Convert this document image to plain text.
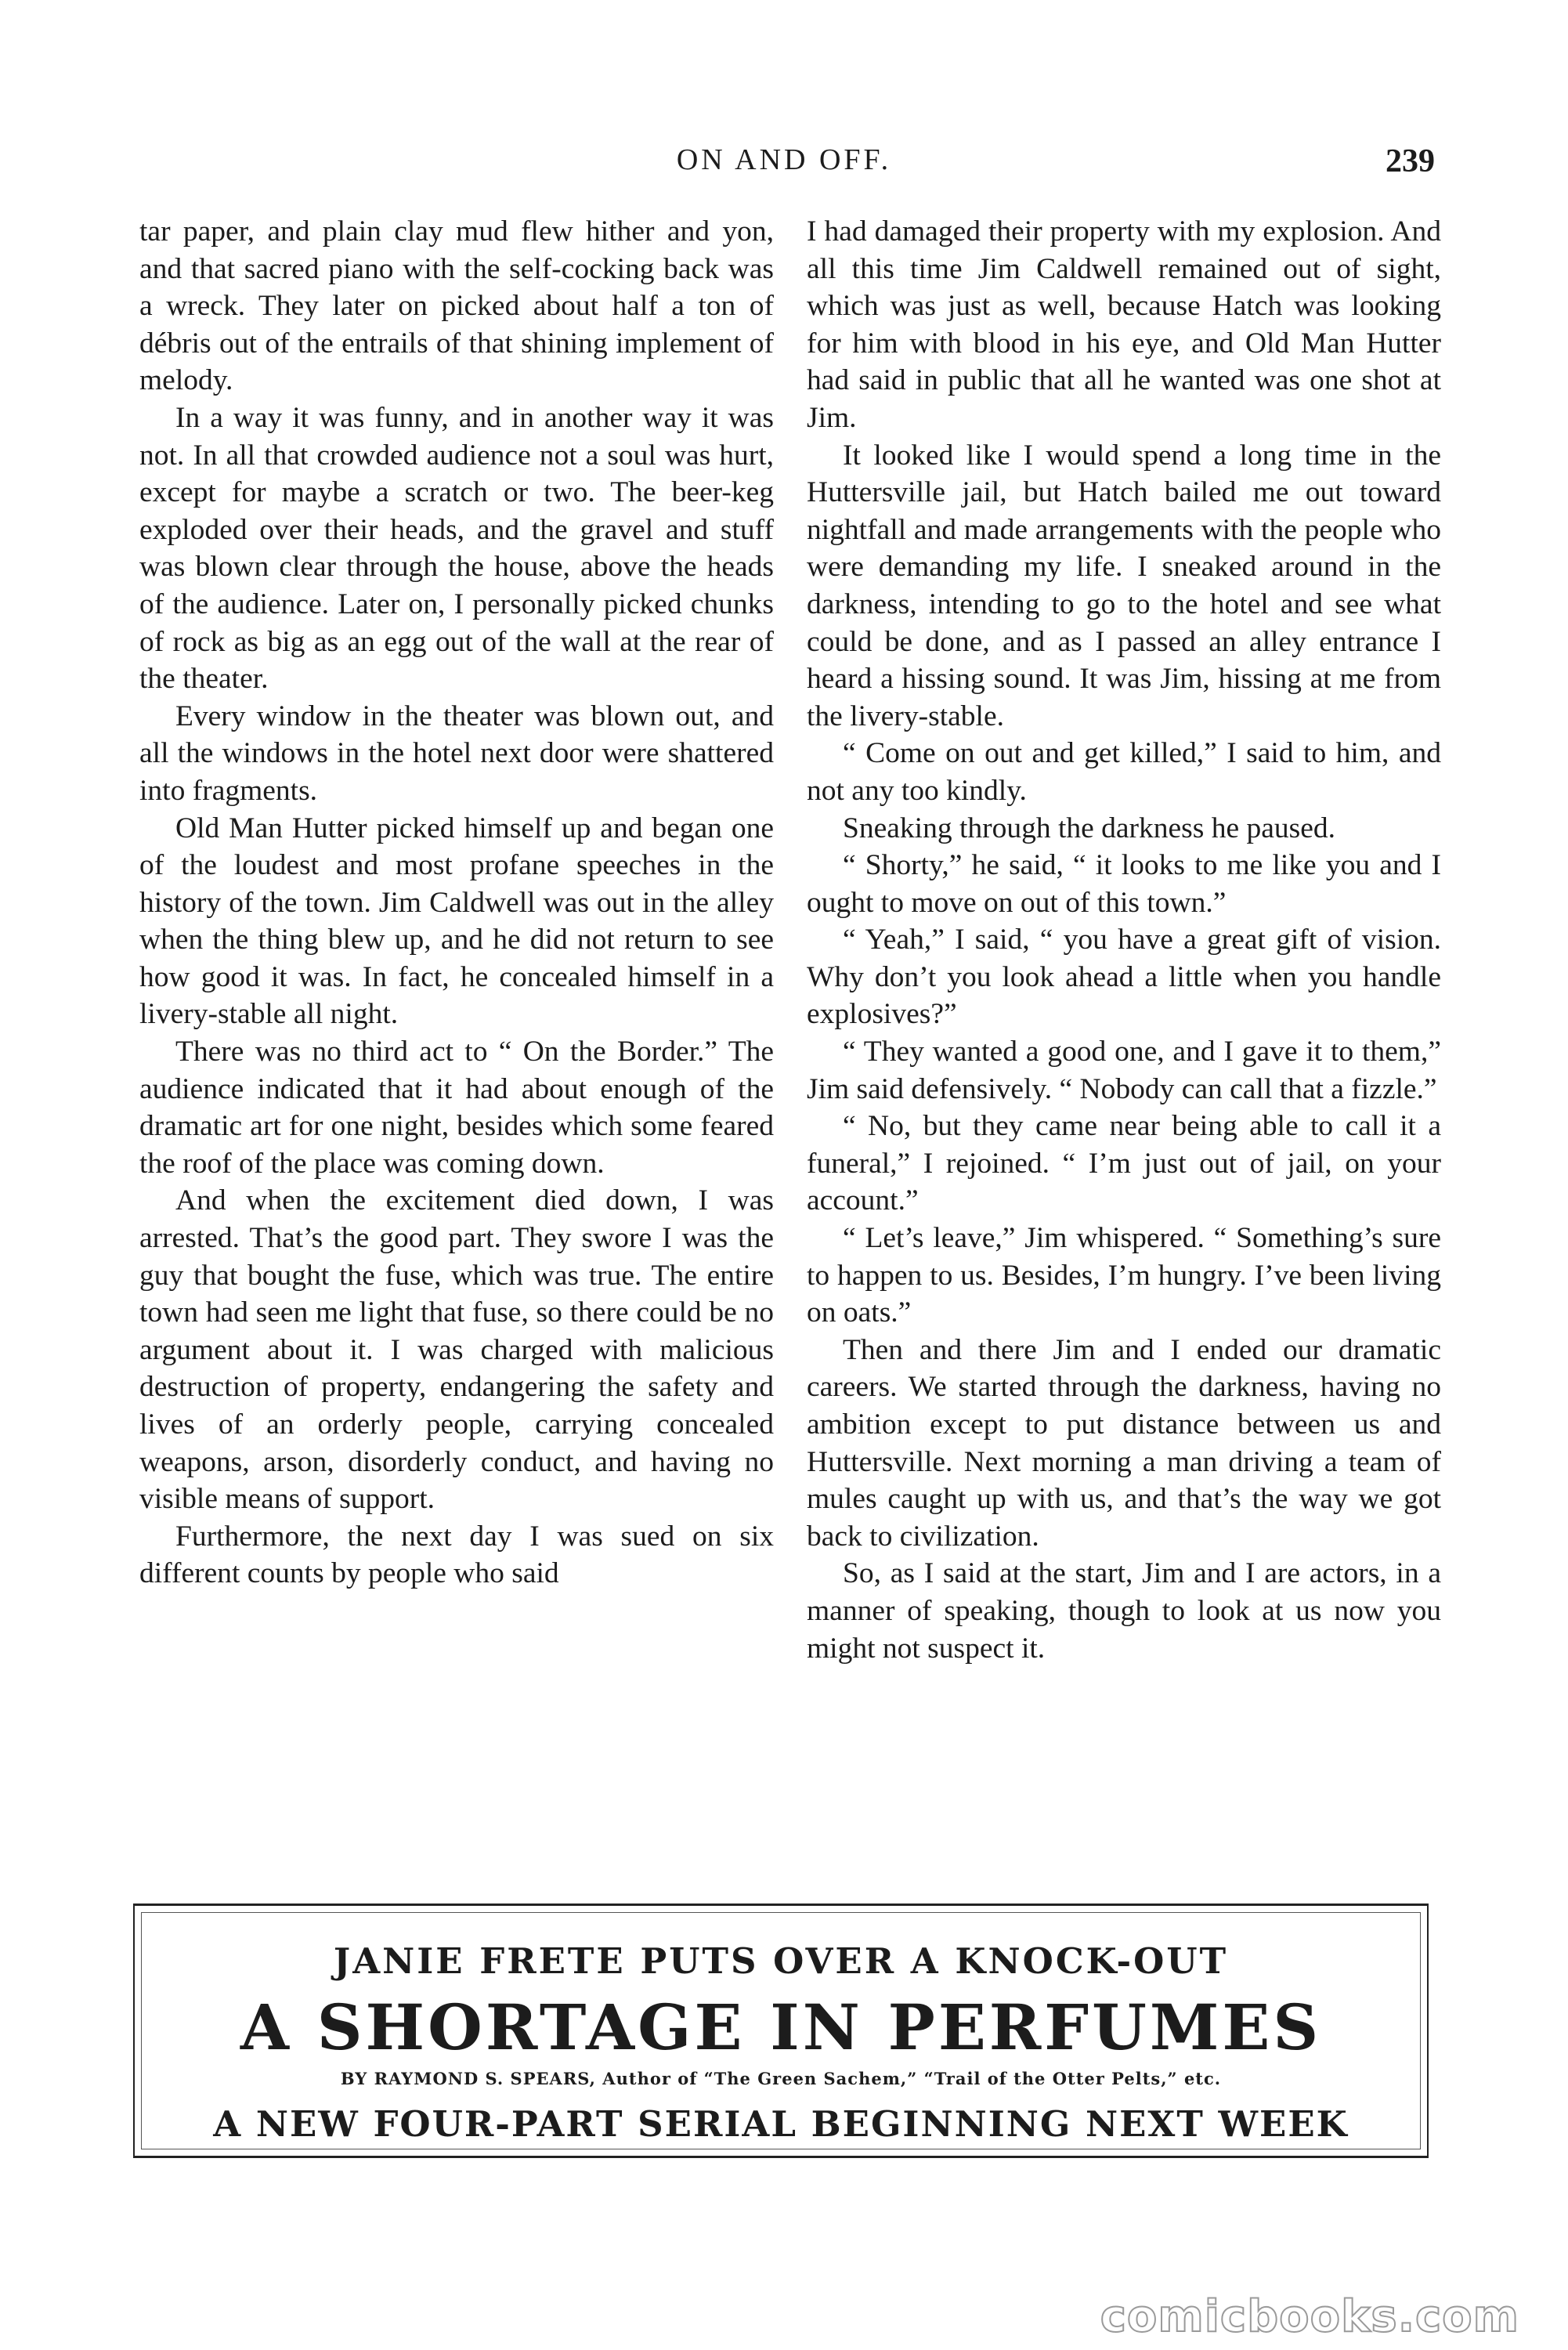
ON AND OFF.	239

tar paper, and plain clay mud flew hither and yon, and that sacred piano with the self-cocking back was a wreck. They later on picked about half a ton of débris out of the entrails of that shining implement of melody.

In a way it was funny, and in another way it was not. In all that crowded audience not a soul was hurt, except for maybe a scratch or two. The beer-keg exploded over their heads, and the gravel and stuff was blown clear through the house, above the heads of the audience. Later on, I personally picked chunks of rock as big as an egg out of the wall at the rear of the theater.

Every window in the theater was blown out, and all the windows in the hotel next door were shattered into fragments.

Old Man Hutter picked himself up and began one of the loudest and most profane speeches in the history of the town. Jim Caldwell was out in the alley when the thing blew up, and he did not return to see how good it was. In fact, he concealed himself in a livery-stable all night.

There was no third act to “ On the Border.” The audience indicated that it had about enough of the dramatic art for one night, besides which some feared the roof of the place was coming down.

And when the excitement died down, I was arrested. That’s the good part. They swore I was the guy that bought the fuse, which was true. The entire town had seen me light that fuse, so there could be no argument about it. I was charged with malicious destruction of property, endangering the safety and lives of an orderly people, carrying concealed weapons, arson, disorderly conduct, and having no visible means of support.

Furthermore, the next day I was sued on six different counts by people who said

I had damaged their property with my explosion. And all this time Jim Caldwell remained out of sight, which was just as well, because Hatch was looking for him with blood in his eye, and Old Man Hutter had said in public that all he wanted was one shot at Jim.

It looked like I would spend a long time in the Huttersville jail, but Hatch bailed me out toward nightfall and made arrangements with the people who were demanding my life. I sneaked around in the darkness, intending to go to the hotel and see what could be done, and as I passed an alley entrance I heard a hissing sound. It was Jim, hissing at me from the livery-stable.

“ Come on out and get killed,” I said to him, and not any too kindly.

Sneaking through the darkness he paused.

“ Shorty,” he said, “ it looks to me like you and I ought to move on out of this town.”

“ Yeah,” I said, “ you have a great gift of vision. Why don’t you look ahead a little when you handle explosives?”

“ They wanted a good one, and I gave it to them,” Jim said defensively. “ Nobody can call that a fizzle.”

“ No, but they came near being able to call it a funeral,” I rejoined. “ I’m just out of jail, on your account.”

“ Let’s leave,” Jim whispered. “ Something’s sure to happen to us. Besides, I’m hungry. I’ve been living on oats.”

Then and there Jim and I ended our dramatic careers. We started through the darkness, having no ambition except to put distance between us and Huttersville. Next morning a man driving a team of mules caught up with us, and that’s the way we got back to civilization.

So, as I said at the start, Jim and I are actors, in a manner of speaking, though to look at us now you might not suspect it.

JANIE FRETE PUTS OVER A KNOCK-OUT
A SHORTAGE IN PERFUMES
BY RAYMOND S. SPEARS, Author of “The Green Sachem,” “Trail of the Otter Pelts,” etc.
A NEW FOUR-PART SERIAL BEGINNING NEXT WEEK
comicbooks.com
